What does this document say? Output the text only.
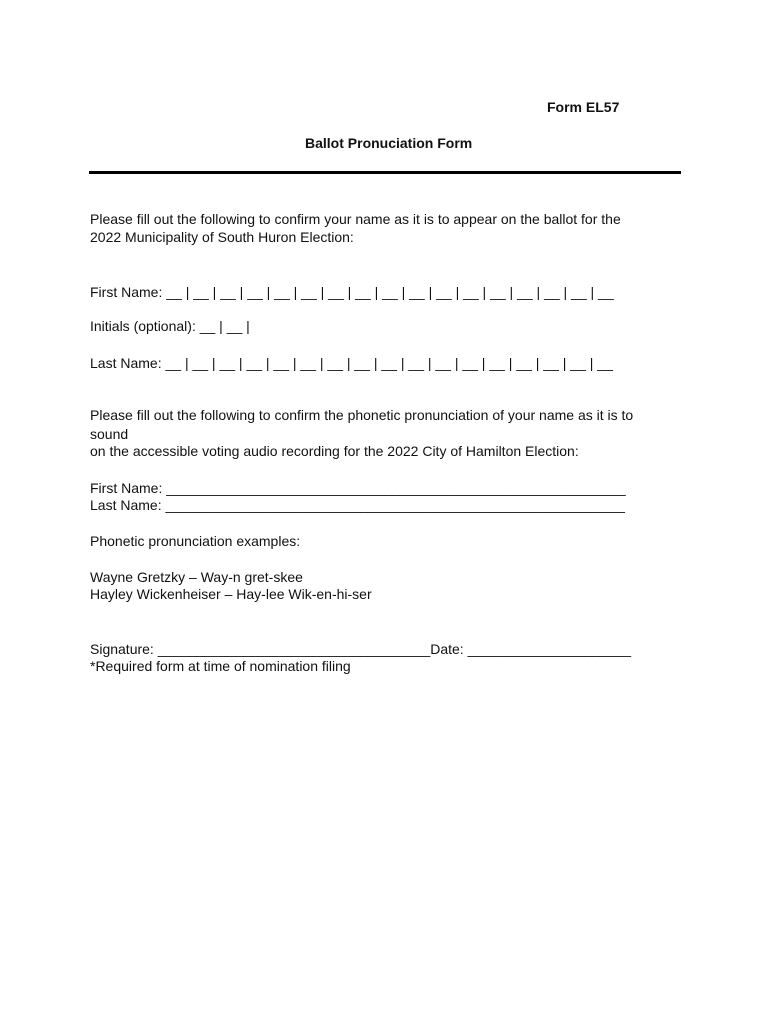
Form EL57

Ballot Pronuciation Form

Please fill out the following to confirm your name as it is to appear on the ballot for the

2022 Municipality of South Huron Election:

First Name: __ | __ | __ | __ | __ | __ | __ | __ | __ | __ | __ | __ | __ | __ | __ | __ | __

Initials (optional): __ | __ |

Last Name: __ | __ | __ | __ | __ | __ | __ | __ | __ | __ | __ | __ | __ | __ | __ | __ | __

Please fill out the following to confirm the phonetic pronunciation of your name as it is to

sound

on the accessible voting audio recording for the 2022 City of Hamilton Election:

First Name: ___________________________________________________________

Last Name: ___________________________________________________________

Phonetic pronunciation examples:

Wayne Gretzky – Way-n gret-skee

Hayley Wickenheiser – Hay-lee Wik-en-hi-ser

Signature: ___________________________________Date: _____________________

*Required form at time of nomination filing
